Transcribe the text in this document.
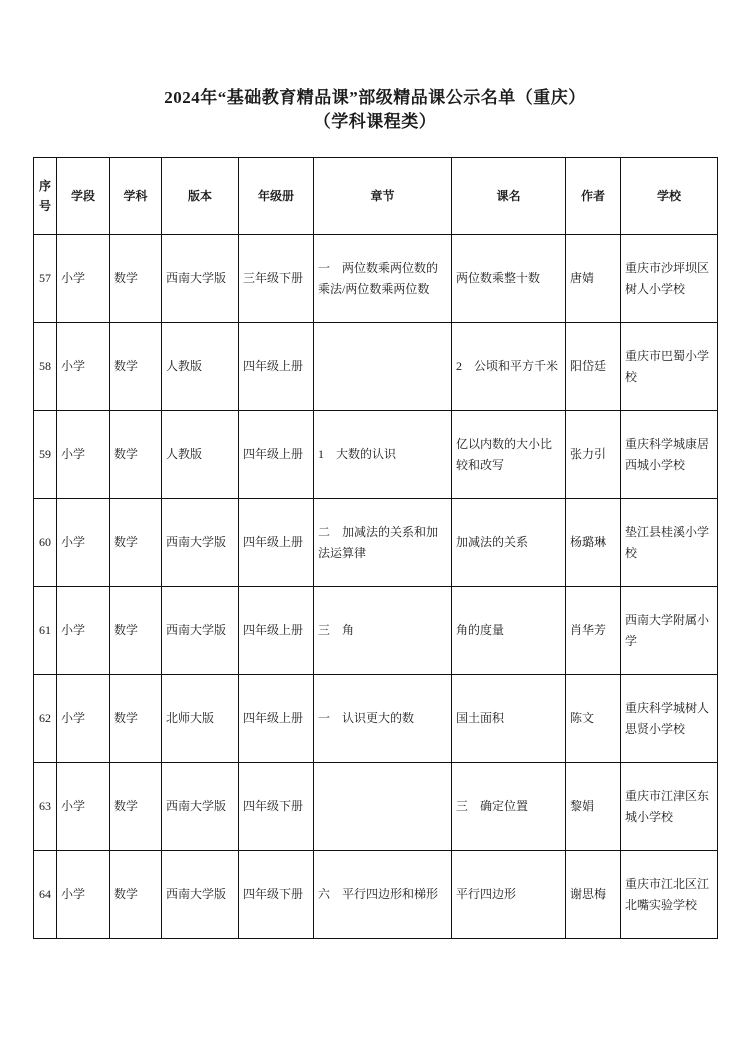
2024年“基础教育精品课”部级精品课公示名单（重庆）
（学科课程类）
序号	学段	学科	版本	年级册	章节	课名	作者	学校
57	小学	数学	西南大学版	三年级下册	一　两位数乘两位数的乘法/两位数乘两位数	两位数乘整十数	唐婧	重庆市沙坪坝区树人小学校
58	小学	数学	人教版	四年级上册		2　公顷和平方千米	阳岱廷	重庆市巴蜀小学校
59	小学	数学	人教版	四年级上册	1　大数的认识	亿以内数的大小比较和改写	张力引	重庆科学城康居西城小学校
60	小学	数学	西南大学版	四年级上册	二　加减法的关系和加法运算律	加减法的关系	杨璐琳	垫江县桂溪小学校
61	小学	数学	西南大学版	四年级上册	三　角	角的度量	肖华芳	西南大学附属小学
62	小学	数学	北师大版	四年级上册	一　认识更大的数	国土面积	陈文	重庆科学城树人思贤小学校
63	小学	数学	西南大学版	四年级下册		三　确定位置	黎娟	重庆市江津区东城小学校
64	小学	数学	西南大学版	四年级下册	六　平行四边形和梯形	平行四边形	谢思梅	重庆市江北区江北嘴实验学校
